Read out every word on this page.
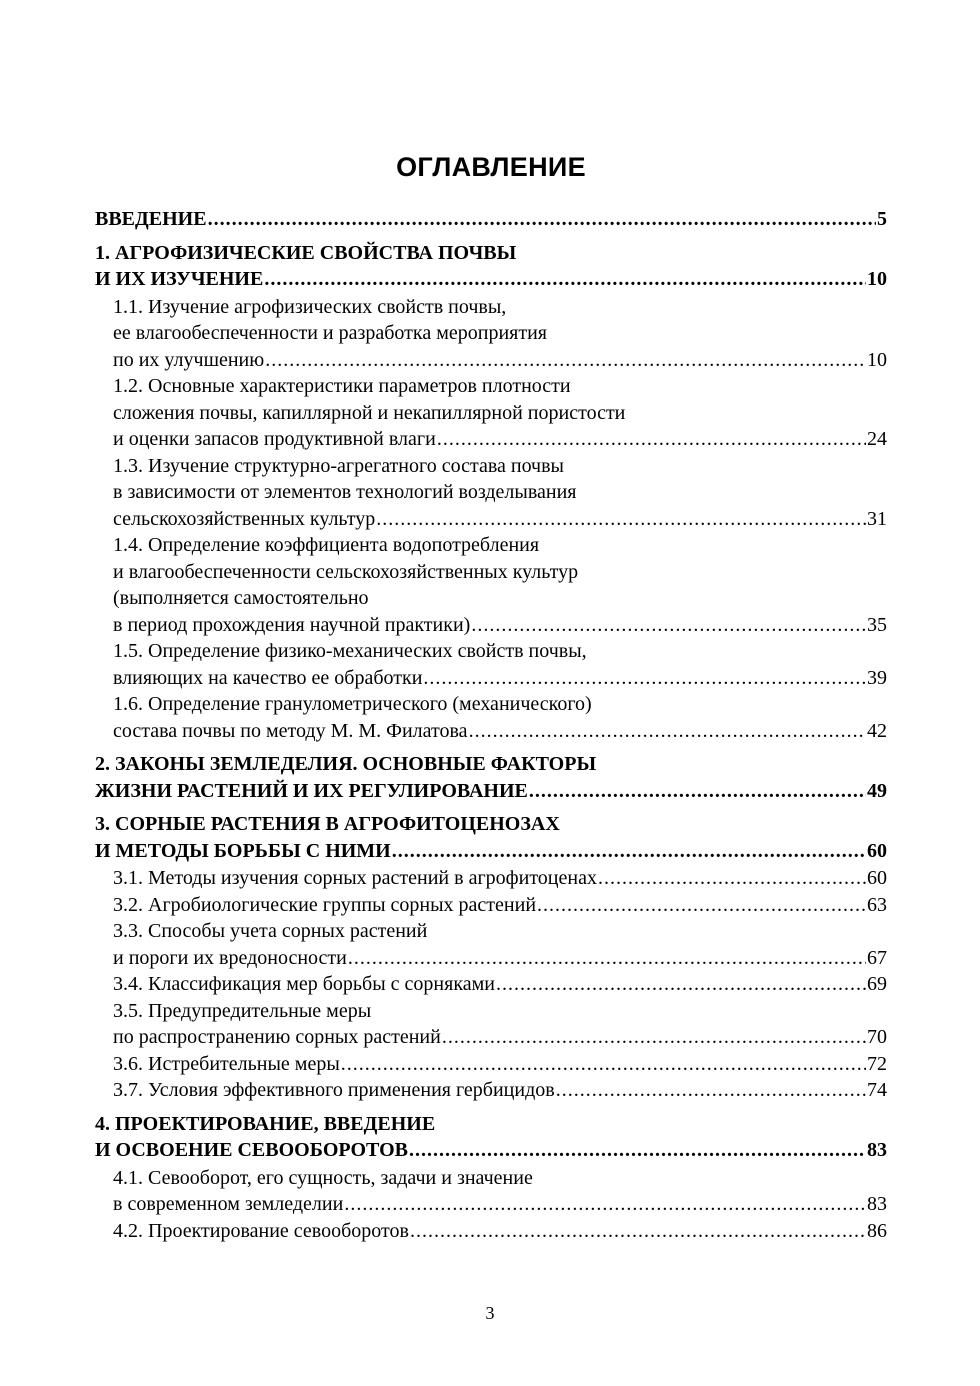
ОГЛАВЛЕНИЕ
ВВЕДЕНИЕ .....	5
1. АГРОФИЗИЧЕСКИЕ СВОЙСТВА ПОЧВЫ
И ИХ ИЗУЧЕНИЕ .....	10
1.1. Изучение агрофизических свойств почвы,
ее влагообеспеченности и разработка мероприятия
по их улучшению .....	10
1.2. Основные характеристики параметров плотности
сложения почвы, капиллярной и некапиллярной пористости
и оценки запасов продуктивной влаги .....	24
1.3. Изучение структурно-агрегатного состава почвы
в зависимости от элементов технологий возделывания
сельскохозяйственных культур .....	31
1.4. Определение коэффициента водопотребления
и влагообеспеченности сельскохозяйственных культур
(выполняется самостоятельно
в период прохождения научной практики) .....	35
1.5. Определение физико-механических свойств почвы,
влияющих на качество ее обработки .....	39
1.6. Определение гранулометрического (механического)
состава почвы по методу М. М. Филатова .....	42
2. ЗАКОНЫ ЗЕМЛЕДЕЛИЯ. ОСНОВНЫЕ ФАКТОРЫ
ЖИЗНИ РАСТЕНИЙ И ИХ РЕГУЛИРОВАНИЕ .....	49
3. СОРНЫЕ РАСТЕНИЯ В АГРОФИТОЦЕНОЗАХ
И МЕТОДЫ БОРЬБЫ С НИМИ .....	60
3.1. Методы изучения сорных растений в агрофитоценах .....	60
3.2. Агробиологические группы сорных растений .....	63
3.3. Способы учета сорных растений
и пороги их вредоносности .....	67
3.4. Классификация мер борьбы с сорняками .....	69
3.5. Предупредительные меры
по распространению сорных растений .....	70
3.6. Истребительные меры .....	72
3.7. Условия эффективного применения гербицидов .....	74
4. ПРОЕКТИРОВАНИЕ, ВВЕДЕНИЕ
И ОСВОЕНИЕ СЕВООБОРОТОВ .....	83
4.1. Севооборот, его сущность, задачи и значение
в современном земледелии .....	83
4.2. Проектирование севооборотов .....	86
3
